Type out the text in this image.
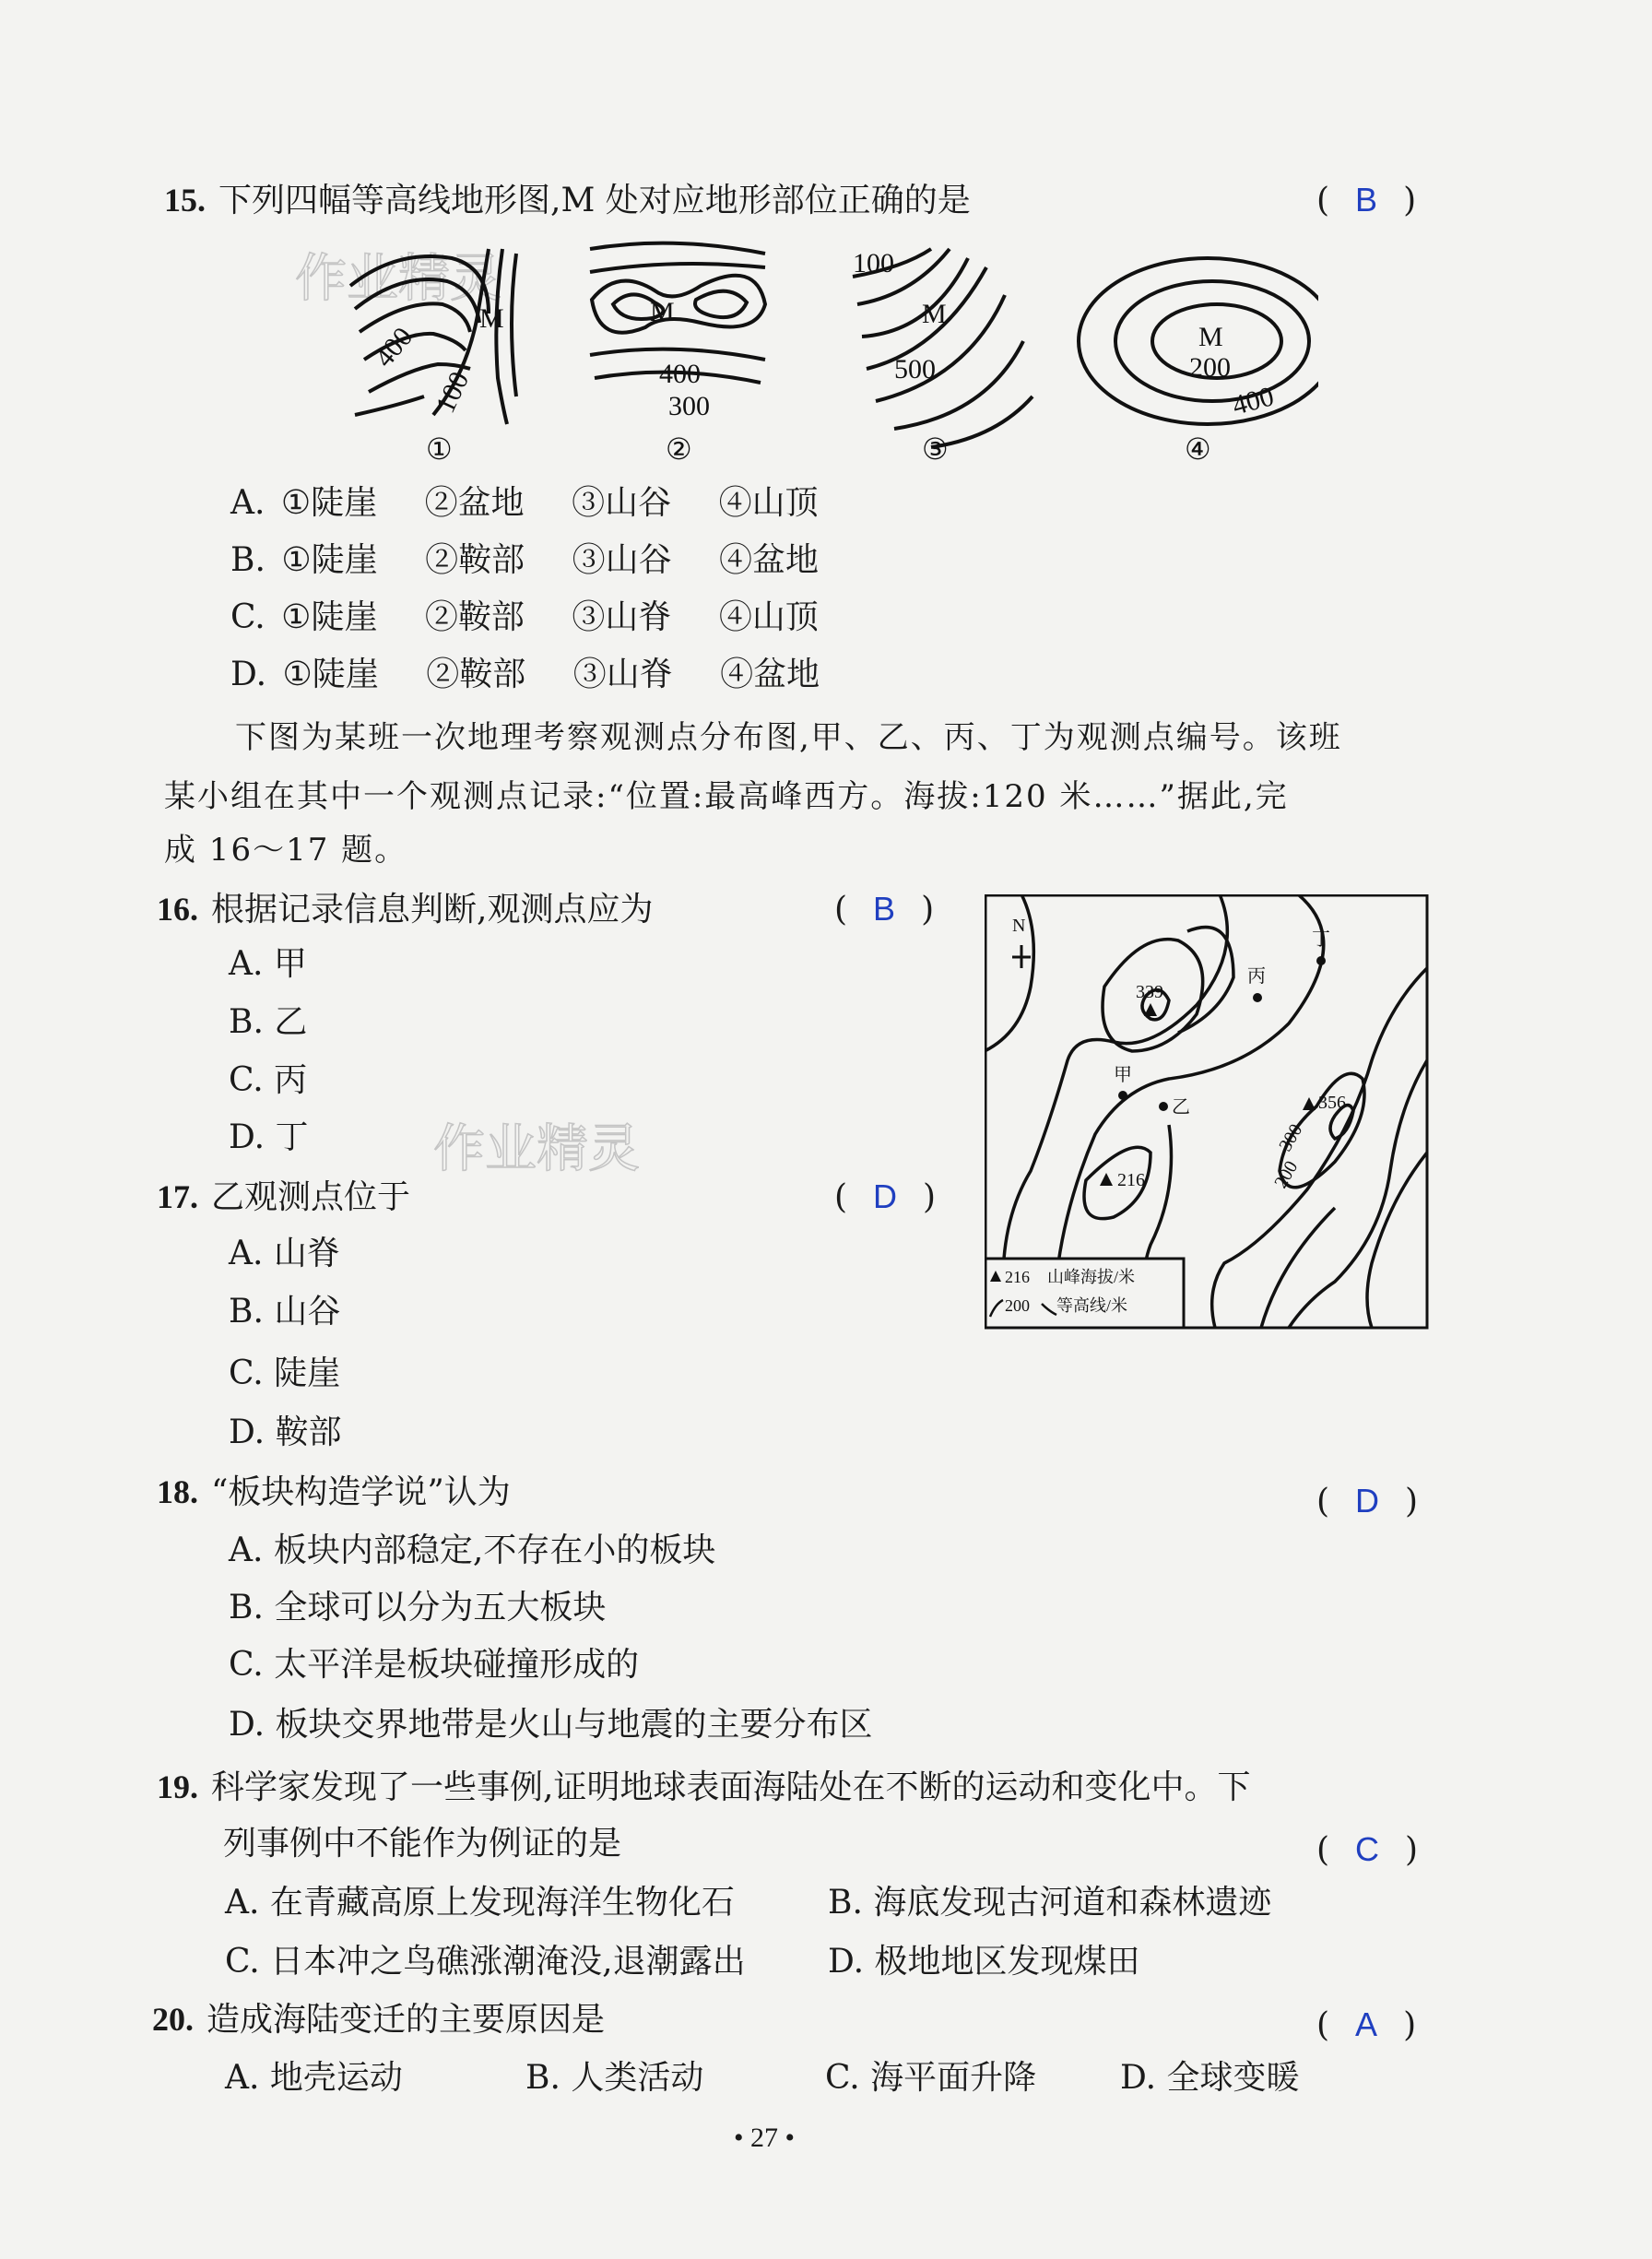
作业精灵
作业精灵
15. 下列四幅等高线地形图,M 处对应地形部位正确的是	( B )
M
400
100
M
400
300
100
M
500
M
200
400
①	②	③	④
A. ①陡崖 ②盆地 ③山谷 ④山顶
B. ①陡崖 ②鞍部 ③山谷 ④盆地
C. ①陡崖 ②鞍部 ③山脊 ④山顶
D. ①陡崖 ②鞍部 ③山脊 ④盆地
下图为某班一次地理考察观测点分布图,甲、乙、丙、丁为观测点编号。该班
某小组在其中一个观测点记录:“位置:最高峰西方。海拔:120 米……”据此,完
成 16～17 题。
16. 根据记录信息判断,观测点应为	( B )
A. 甲
B. 乙
C. 丙
D. 丁
N
丁
丙
甲
乙
339
356
216
300
200
216 山峰海拔/米
200 等高线/米
17. 乙观测点位于	( D )
A. 山脊
B. 山谷
C. 陡崖
D. 鞍部
18. “板块构造学说”认为	( D )
A. 板块内部稳定,不存在小的板块
B. 全球可以分为五大板块
C. 太平洋是板块碰撞形成的
D. 板块交界地带是火山与地震的主要分布区
19. 科学家发现了一些事例,证明地球表面海陆处在不断的运动和变化中。下
列事例中不能作为例证的是	( C )
A. 在青藏高原上发现海洋生物化石	B. 海底发现古河道和森林遗迹
C. 日本冲之鸟礁涨潮淹没,退潮露出 D. 极地地区发现煤田
20. 造成海陆变迁的主要原因是	( A )
A. 地壳运动	B. 人类活动	C. 海平面升降	D. 全球变暖
• 27 •
